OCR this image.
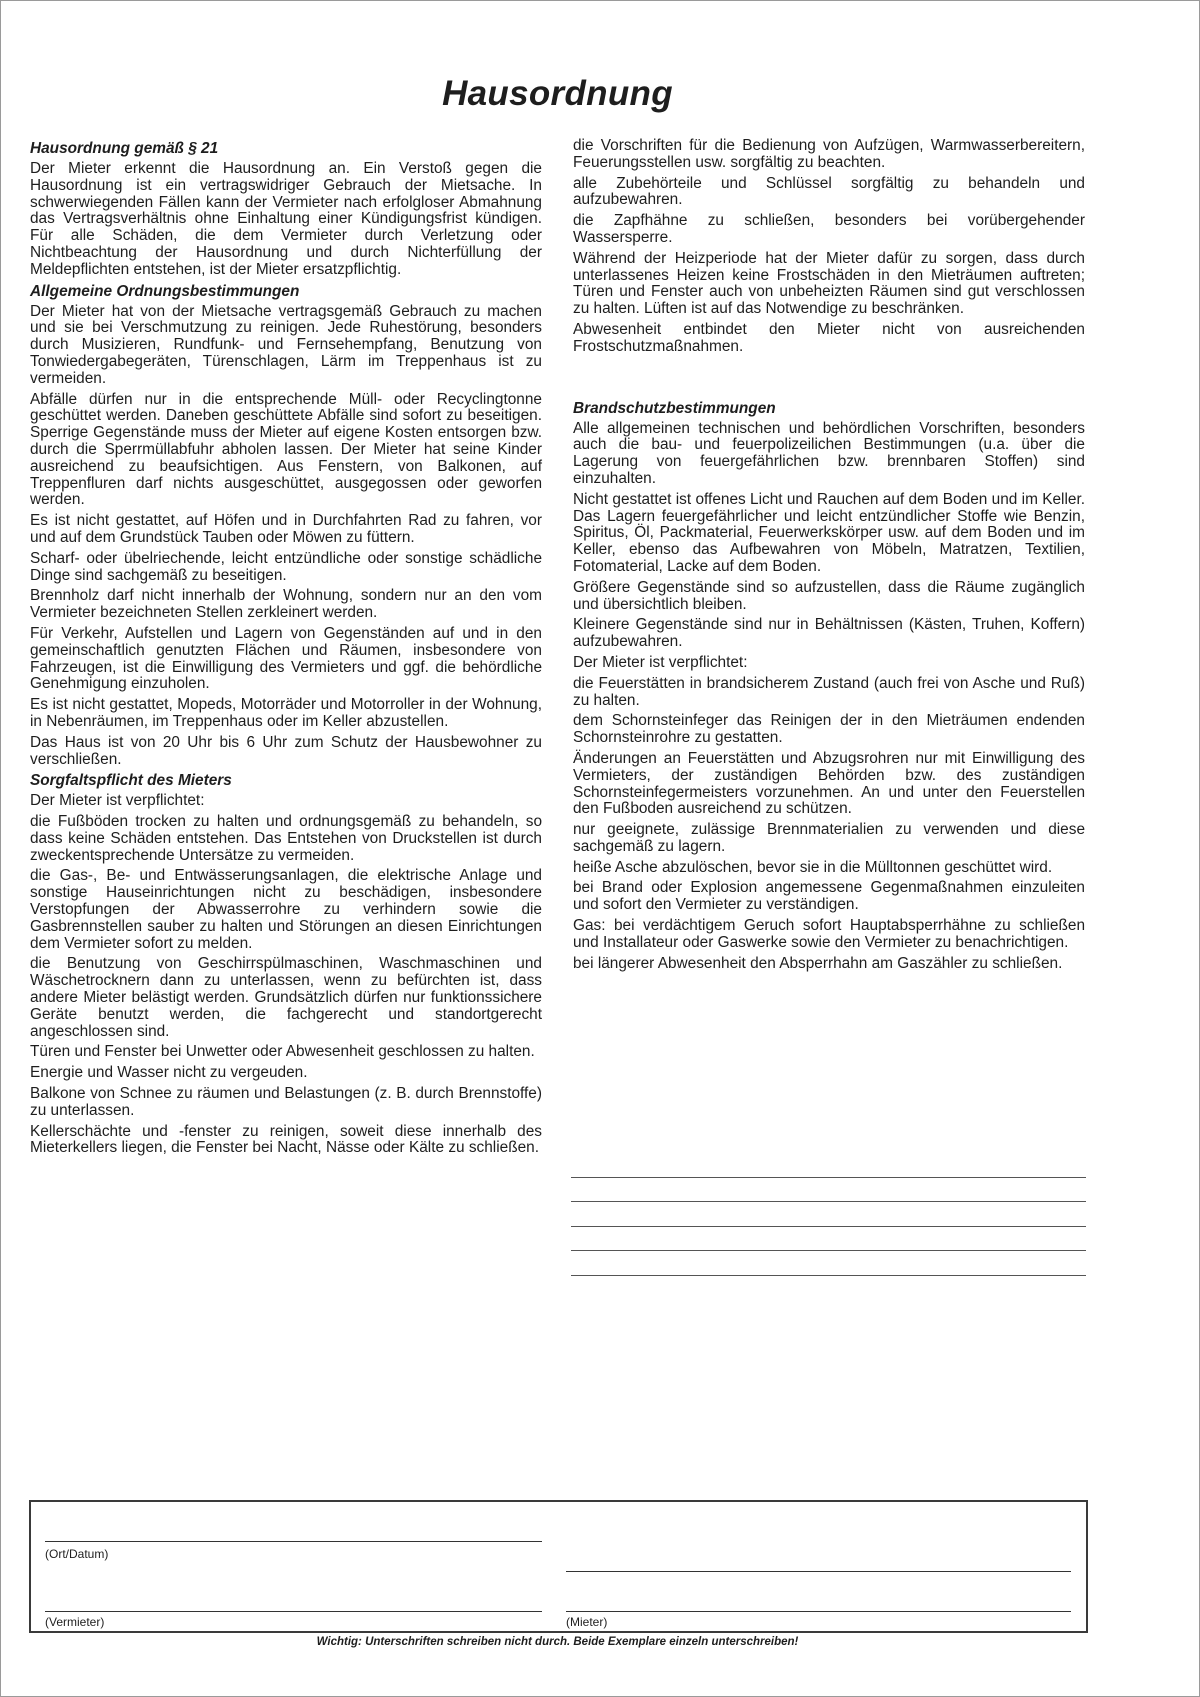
Hausordnung
Hausordnung gemäß § 21

Der Mieter erkennt die Hausordnung an. Ein Verstoß gegen die Hausordnung ist ein vertragswidriger Gebrauch der Mietsache. In schwerwiegenden Fällen kann der Vermieter nach erfolgloser Abmahnung das Vertragsverhältnis ohne Einhaltung einer Kündigungsfrist kündigen. Für alle Schäden, die dem Vermieter durch Verletzung oder Nichtbeachtung der Hausordnung und durch Nichterfüllung der Meldepflichten entstehen, ist der Mieter ersatzpflichtig.

Allgemeine Ordnungsbestimmungen

Der Mieter hat von der Mietsache vertragsgemäß Gebrauch zu machen und sie bei Verschmutzung zu reinigen. Jede Ruhestörung, besonders durch Musizieren, Rundfunk- und Fernsehempfang, Benutzung von Tonwiedergabegeräten, Türenschlagen, Lärm im Treppenhaus ist zu vermeiden.

Abfälle dürfen nur in die entsprechende Müll- oder Recyclingtonne geschüttet werden. Daneben geschüttete Abfälle sind sofort zu beseitigen. Sperrige Gegenstände muss der Mieter auf eigene Kosten entsorgen bzw. durch die Sperrmüllabfuhr abholen lassen. Der Mieter hat seine Kinder ausreichend zu beaufsichtigen. Aus Fenstern, von Balkonen, auf Treppenfluren darf nichts ausgeschüttet, ausgegossen oder geworfen werden.

Es ist nicht gestattet, auf Höfen und in Durchfahrten Rad zu fahren, vor und auf dem Grundstück Tauben oder Möwen zu füttern.

Scharf- oder übelriechende, leicht entzündliche oder sonstige schädliche Dinge sind sachgemäß zu beseitigen.

Brennholz darf nicht innerhalb der Wohnung, sondern nur an den vom Vermieter bezeichneten Stellen zerkleinert werden.

Für Verkehr, Aufstellen und Lagern von Gegenständen auf und in den gemeinschaftlich genutzten Flächen und Räumen, insbesondere von Fahrzeugen, ist die Einwilligung des Vermieters und ggf. die behördliche Genehmigung einzuholen.

Es ist nicht gestattet, Mopeds, Motorräder und Motorroller in der Wohnung, in Nebenräumen, im Treppenhaus oder im Keller abzustellen.

Das Haus ist von 20 Uhr bis 6 Uhr zum Schutz der Hausbewohner zu verschließen.

Sorgfaltspflicht des Mieters

Der Mieter ist verpflichtet:

die Fußböden trocken zu halten und ordnungsgemäß zu behandeln, so dass keine Schäden entstehen. Das Entstehen von Druckstellen ist durch zweckentsprechende Untersätze zu vermeiden.

die Gas-, Be- und Entwässerungsanlagen, die elektrische Anlage und sonstige Hauseinrichtungen nicht zu beschädigen, insbesondere Verstopfungen der Abwasserrohre zu verhindern sowie die Gasbrennstellen sauber zu halten und Störungen an diesen Einrichtungen dem Vermieter sofort zu melden.

die Benutzung von Geschirrspülmaschinen, Waschmaschinen und Wäschetrocknern dann zu unterlassen, wenn zu befürchten ist, dass andere Mieter belästigt werden. Grundsätzlich dürfen nur funktionssichere Geräte benutzt werden, die fachgerecht und standortgerecht angeschlossen sind.

Türen und Fenster bei Unwetter oder Abwesenheit geschlossen zu halten.

Energie und Wasser nicht zu vergeuden.

Balkone von Schnee zu räumen und Belastungen (z. B. durch Brennstoffe) zu unterlassen.

Kellerschächte und -fenster zu reinigen, soweit diese innerhalb des Mieterkellers liegen, die Fenster bei Nacht, Nässe oder Kälte zu schließen.

die Vorschriften für die Bedienung von Aufzügen, Warmwasserbereitern, Feuerungsstellen usw. sorgfältig zu beachten.

alle Zubehörteile und Schlüssel sorgfältig zu behandeln und aufzubewahren.

die Zapfhähne zu schließen, besonders bei vorübergehender Wassersperre.

Während der Heizperiode hat der Mieter dafür zu sorgen, dass durch unterlassenes Heizen keine Frostschäden in den Mieträumen auftreten; Türen und Fenster auch von unbeheizten Räumen sind gut verschlossen zu halten. Lüften ist auf das Notwendige zu beschränken.

Abwesenheit entbindet den Mieter nicht von ausreichenden Frostschutzmaßnahmen.

Brandschutzbestimmungen

Alle allgemeinen technischen und behördlichen Vorschriften, besonders auch die bau- und feuerpolizeilichen Bestimmungen (u.a. über die Lagerung von feuergefährlichen bzw. brennbaren Stoffen) sind einzuhalten.

Nicht gestattet ist offenes Licht und Rauchen auf dem Boden und im Keller. Das Lagern feuergefährlicher und leicht entzündlicher Stoffe wie Benzin, Spiritus, Öl, Packmaterial, Feuerwerkskörper usw. auf dem Boden und im Keller, ebenso das Aufbewahren von Möbeln, Matratzen, Textilien, Fotomaterial, Lacke auf dem Boden.

Größere Gegenstände sind so aufzustellen, dass die Räume zugänglich und übersichtlich bleiben.

Kleinere Gegenstände sind nur in Behältnissen (Kästen, Truhen, Koffern) aufzubewahren.

Der Mieter ist verpflichtet:

die Feuerstätten in brandsicherem Zustand (auch frei von Asche und Ruß) zu halten.

dem Schornsteinfeger das Reinigen der in den Mieträumen endenden Schornsteinrohre zu gestatten.

Änderungen an Feuerstätten und Abzugsrohren nur mit Einwilligung des Vermieters, der zuständigen Behörden bzw. des zuständigen Schornsteinfegermeisters vorzunehmen. An und unter den Feuerstellen den Fußboden ausreichend zu schützen.

nur geeignete, zulässige Brennmaterialien zu verwenden und diese sachgemäß zu lagern.

heiße Asche abzulöschen, bevor sie in die Mülltonnen geschüttet wird.

bei Brand oder Explosion angemessene Gegenmaßnahmen einzuleiten und sofort den Vermieter zu verständigen.

Gas: bei verdächtigem Geruch sofort Hauptabsperrhähne zu schließen und Installateur oder Gaswerke sowie den Vermieter zu benachrichtigen.

bei längerer Abwesenheit den Absperrhahn am Gaszähler zu schließen.

(Ort/Datum)
(Vermieter)	(Mieter)
Wichtig: Unterschriften schreiben nicht durch. Beide Exemplare einzeln unterschreiben!
